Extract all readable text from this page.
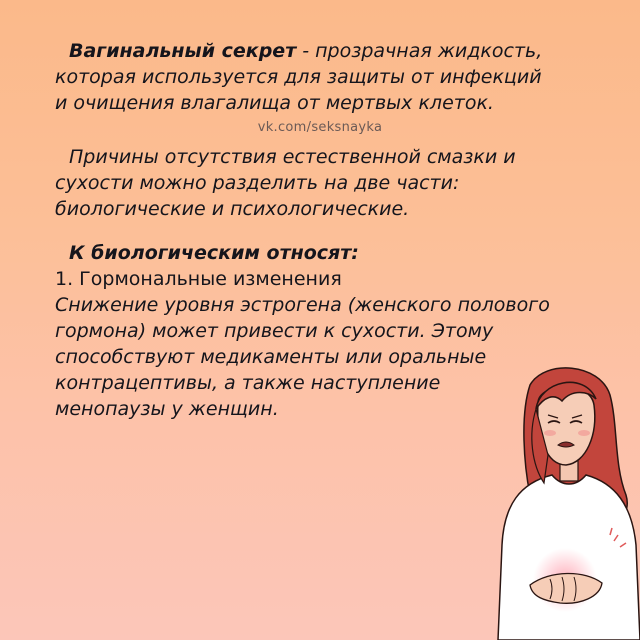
Вагинальный секрет - прозрачная жидкость,
которая используется для защиты от инфекций
и очищения влагалища от мертвых клеток.
vk.com/seksnayka
Причины отсутствия естественной смазки и
сухости можно разделить на две части:
биологические и психологические.
К биологическим относят:
1. Гормональные изменения
Снижение уровня эстрогена (женского полового
гормона) может привести к сухости. Этому
способствуют медикаменты или оральные
контрацептивы, а также наступление
менопаузы у женщин.
